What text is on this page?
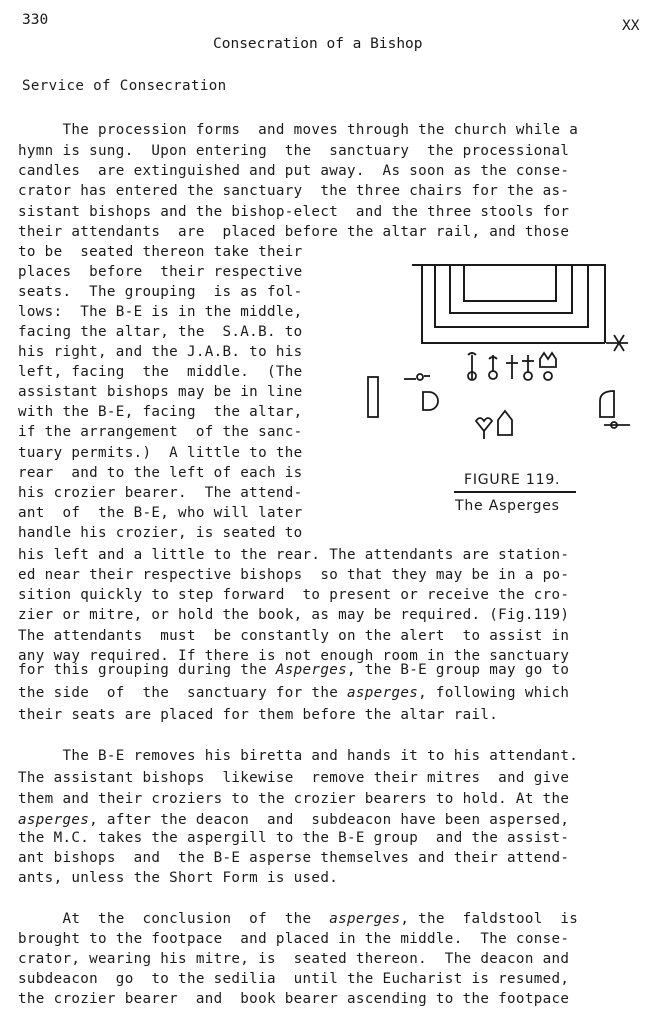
330	XX
Consecration of a Bishop
Service of Consecration
The procession forms  and moves through the church while a
hymn is sung.  Upon entering  the  sanctuary  the processional
candles  are extinguished and put away.  As soon as the conse-
crator has entered the sanctuary  the three chairs for the as-
sistant bishops and the bishop-elect  and the three stools for
their attendants  are  placed before the altar rail, and those
to be  seated thereon take their
places  before  their respective
seats.  The grouping  is as fol-
lows:  The B-E is in the middle,
facing the altar, the  S.A.B. to
his right, and the J.A.B. to his
left, facing  the  middle.  (The
assistant bishops may be in line
with the B-E, facing  the altar,
if the arrangement  of the sanc-
tuary permits.)  A little to the
rear  and to the left of each is
his crozier bearer.  The attend-
ant  of  the B-E, who will later
handle his crozier, is seated to
his left and a little to the rear. The attendants are station-
ed near their respective bishops  so that they may be in a po-
sition quickly to step forward  to present or receive the cro-
zier or mitre, or hold the book, as may be required. (Fig.119)
The attendants  must  be constantly on the alert  to assist in
any way required. If there is not enough room in the sanctuary
for this grouping during the Asperges, the B-E group may go to
the side  of  the  sanctuary for the asperges, following which
their seats are placed for them before the altar rail.
The B-E removes his biretta and hands it to his attendant.
The assistant bishops  likewise  remove their mitres  and give
them and their croziers to the crozier bearers to hold. At the
asperges, after the deacon  and  subdeacon have been aspersed,
the M.C. takes the aspergill to the B-E group  and the assist-
ant bishops  and  the B-E asperse themselves and their attend-
ants, unless the Short Form is used.
At  the  conclusion  of  the  asperges, the  faldstool  is
brought to the footpace  and placed in the middle.  The conse-
crator, wearing his mitre, is  seated thereon.  The deacon and
subdeacon  go  to the sedilia  until the Eucharist is resumed,
the crozier bearer  and  book bearer ascending to the footpace
FIGURE 119.
The Asperges
